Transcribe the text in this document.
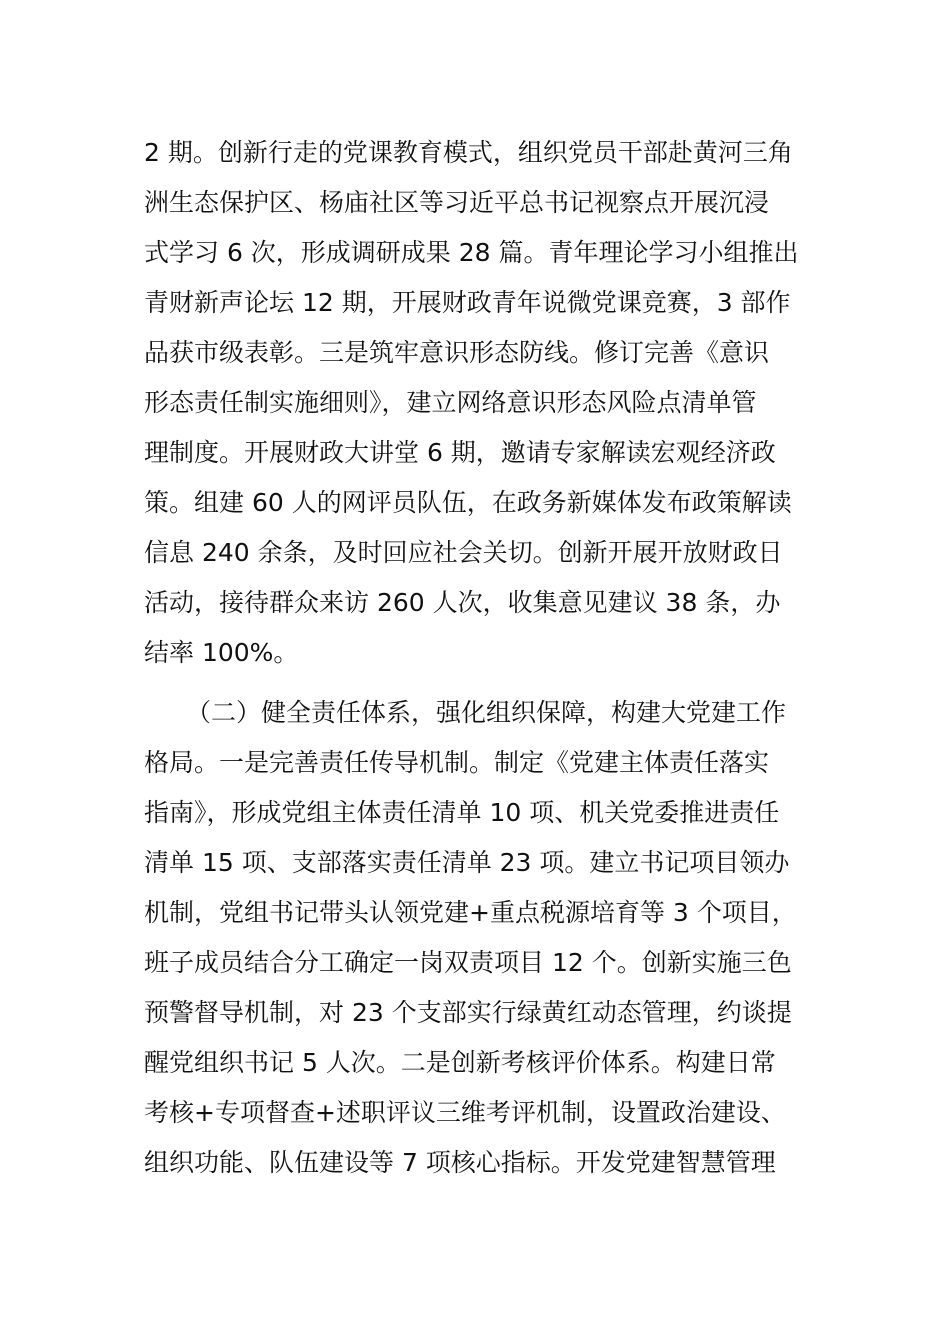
2 期。创新行走的党课教育模式，组织党员干部赴黄河三角
洲生态保护区、杨庙社区等习近平总书记视察点开展沉浸
式学习 6 次，形成调研成果 28 篇。青年理论学习小组推出
青财新声论坛 12 期，开展财政青年说微党课竞赛，3 部作
品获市级表彰。三是筑牢意识形态防线。修订完善《意识
形态责任制实施细则》，建立网络意识形态风险点清单管
理制度。开展财政大讲堂 6 期，邀请专家解读宏观经济政
策。组建 60 人的网评员队伍，在政务新媒体发布政策解读
信息 240 余条，及时回应社会关切。创新开展开放财政日
活动，接待群众来访 260 人次，收集意见建议 38 条，办
结率 100%。
（二）健全责任体系，强化组织保障，构建大党建工作
格局。一是完善责任传导机制。制定《党建主体责任落实
指南》，形成党组主体责任清单 10 项、机关党委推进责任
清单 15 项、支部落实责任清单 23 项。建立书记项目领办
机制，党组书记带头认领党建+重点税源培育等 3 个项目，
班子成员结合分工确定一岗双责项目 12 个。创新实施三色
预警督导机制，对 23 个支部实行绿黄红动态管理，约谈提
醒党组织书记 5 人次。二是创新考核评价体系。构建日常
考核+专项督查+述职评议三维考评机制，设置政治建设、
组织功能、队伍建设等 7 项核心指标。开发党建智慧管理
